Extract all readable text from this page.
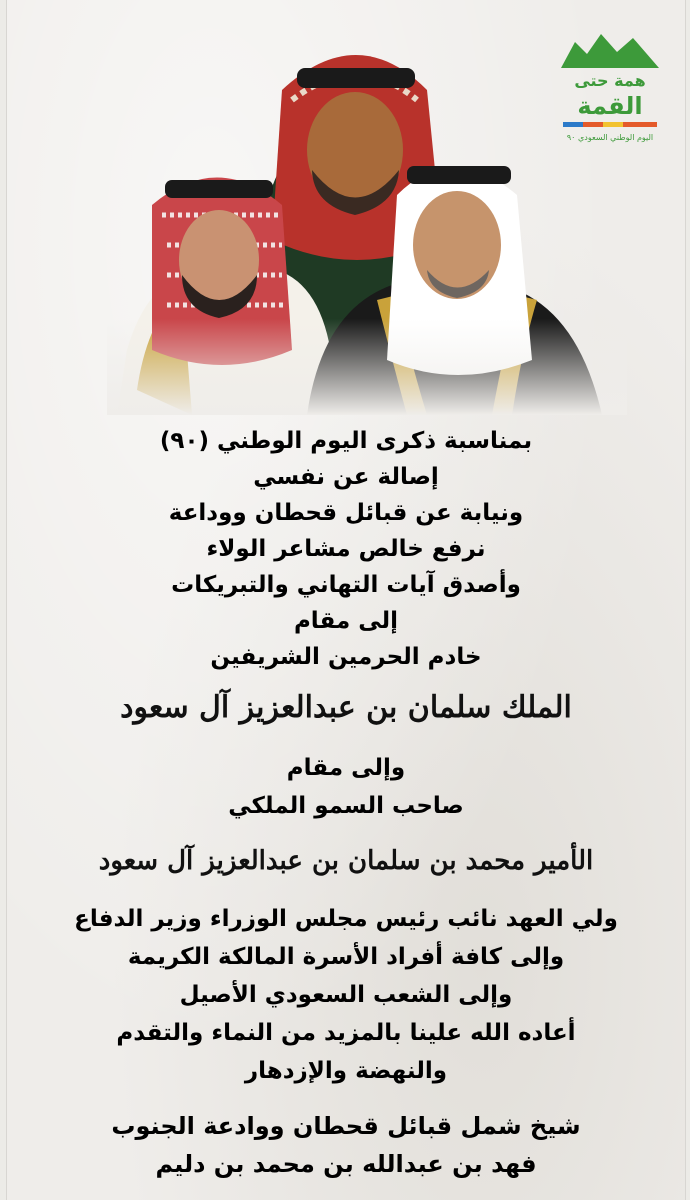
همة حتى
القمة
اليوم الوطني السعودي ٩٠
بمناسبة ذكرى اليوم الوطني (٩٠)
إصالة عن نفسي
ونيابة عن قبائل قحطان ووداعة
نرفع خالص مشاعر الولاء
وأصدق آيات التهاني والتبريكات
إلى مقام
خادم الحرمين الشريفين
الملك سلمان بن عبدالعزيز آل سعود
وإلى مقام
صاحب السمو الملكي
الأمير محمد بن سلمان بن عبدالعزيز آل سعود
ولي العهد نائب رئيس مجلس الوزراء وزير الدفاع
وإلى كافة أفراد الأسرة المالكة الكريمة
وإلى الشعب السعودي الأصيل
أعاده الله علينا بالمزيد من النماء والتقدم
والنهضة والإزدهار
شيخ شمل قبائل قحطان ووادعة الجنوب
فهد بن عبدالله بن محمد بن دليم
